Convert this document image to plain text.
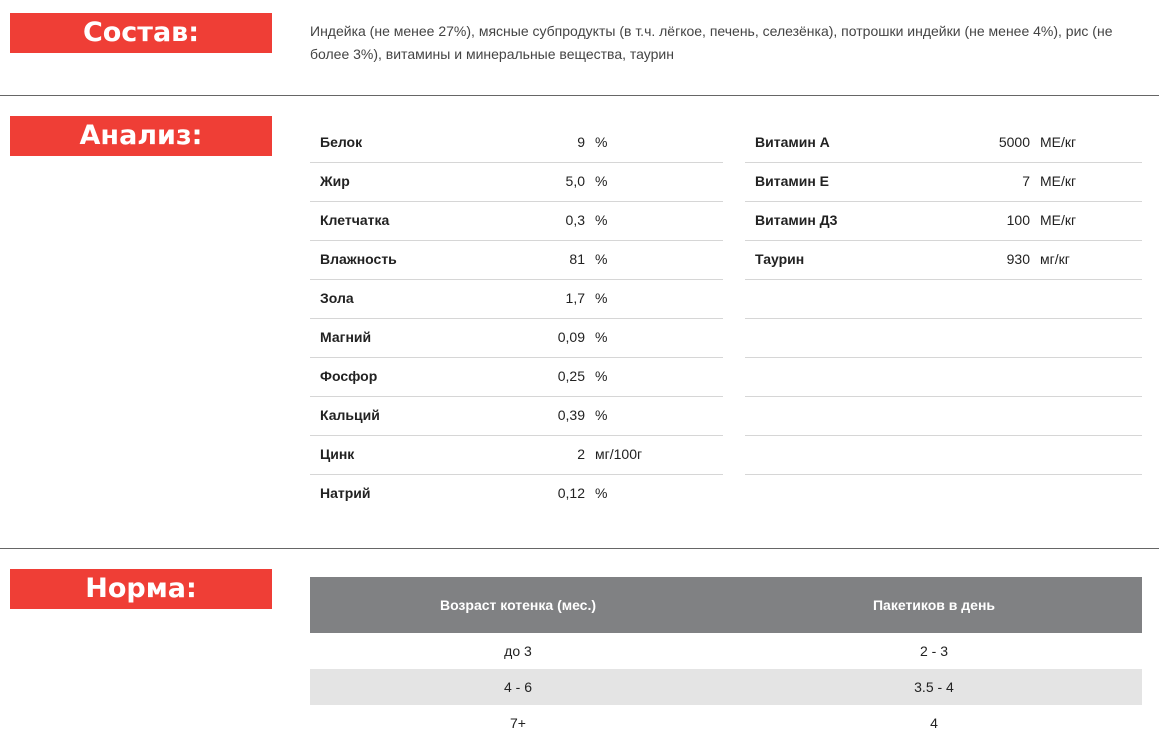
Состав:	Индейка (не менее 27%), мясные субпродукты (в т.ч. лёгкое, печень, селезёнка), потрошки индейки (не менее 4%), рис (не более 3%), витамины и минеральные вещества, таурин
Анализ:	Белок	9 %
Жир	5,0 %
Клетчатка	0,3 %
Влажность	81 %
Зола	1,7 %
Магний	0,09 %
Фосфор	0,25 %
Кальций	0,39 %
Цинк	2 мг/100г
Натрий	0,12 %
Витамин А	5000 МЕ/кг
Витамин Е	7 МЕ/кг
Витамин Д3	100 МЕ/кг
Таурин	930 мг/кг
Норма:
Возраст котенка (мес.)	Пакетиков в день
до 3	2 - 3
4 - 6	3.5 - 4
7+	4
